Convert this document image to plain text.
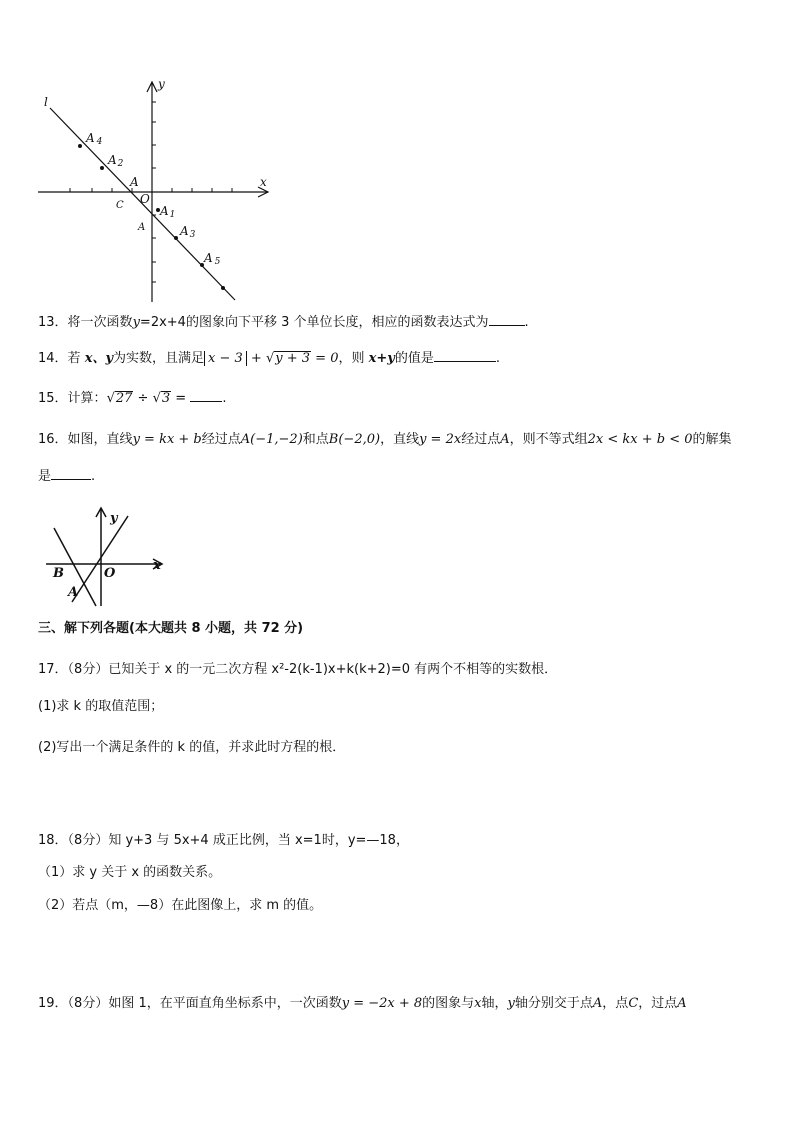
l
y
x
O
C
A
A
A 4
A2
A1
A3
A 5
13．将一次函数y=2x+4的图象向下平移 3 个单位长度，相应的函数表达式为	.
14．若 x、y为实数，且满足 x − 3 + √y + 3 = 0，则 x+y的值是	.
15．计算：√27 ÷ √3 = .
16．如图，直线y = kx + b经过点A(−1,−2)和点B(−2,0)，直线y = 2x经过点A，则不等式组2x < kx + b < 0的解集
是	.
y
x
B	O
A
三、解下列各题(本大题共 8 小题，共 72 分)
17．（8分）已知关于 x 的一元二次方程 x²-2(k-1)x+k(k+2)=0 有两个不相等的实数根．
(1)求 k 的取值范围；
(2)写出一个满足条件的 k 的值，并求此时方程的根．
18．（8分）知 y+3 与 5x+4 成正比例，当 x=1时，y=—18，
（1）求 y 关于 x 的函数关系。
（2）若点（m，—8）在此图像上，求 m 的值。
19．（8分）如图 1，在平面直角坐标系中，一次函数y = −2x + 8的图象与x轴，y轴分别交于点A，点C，过点A
